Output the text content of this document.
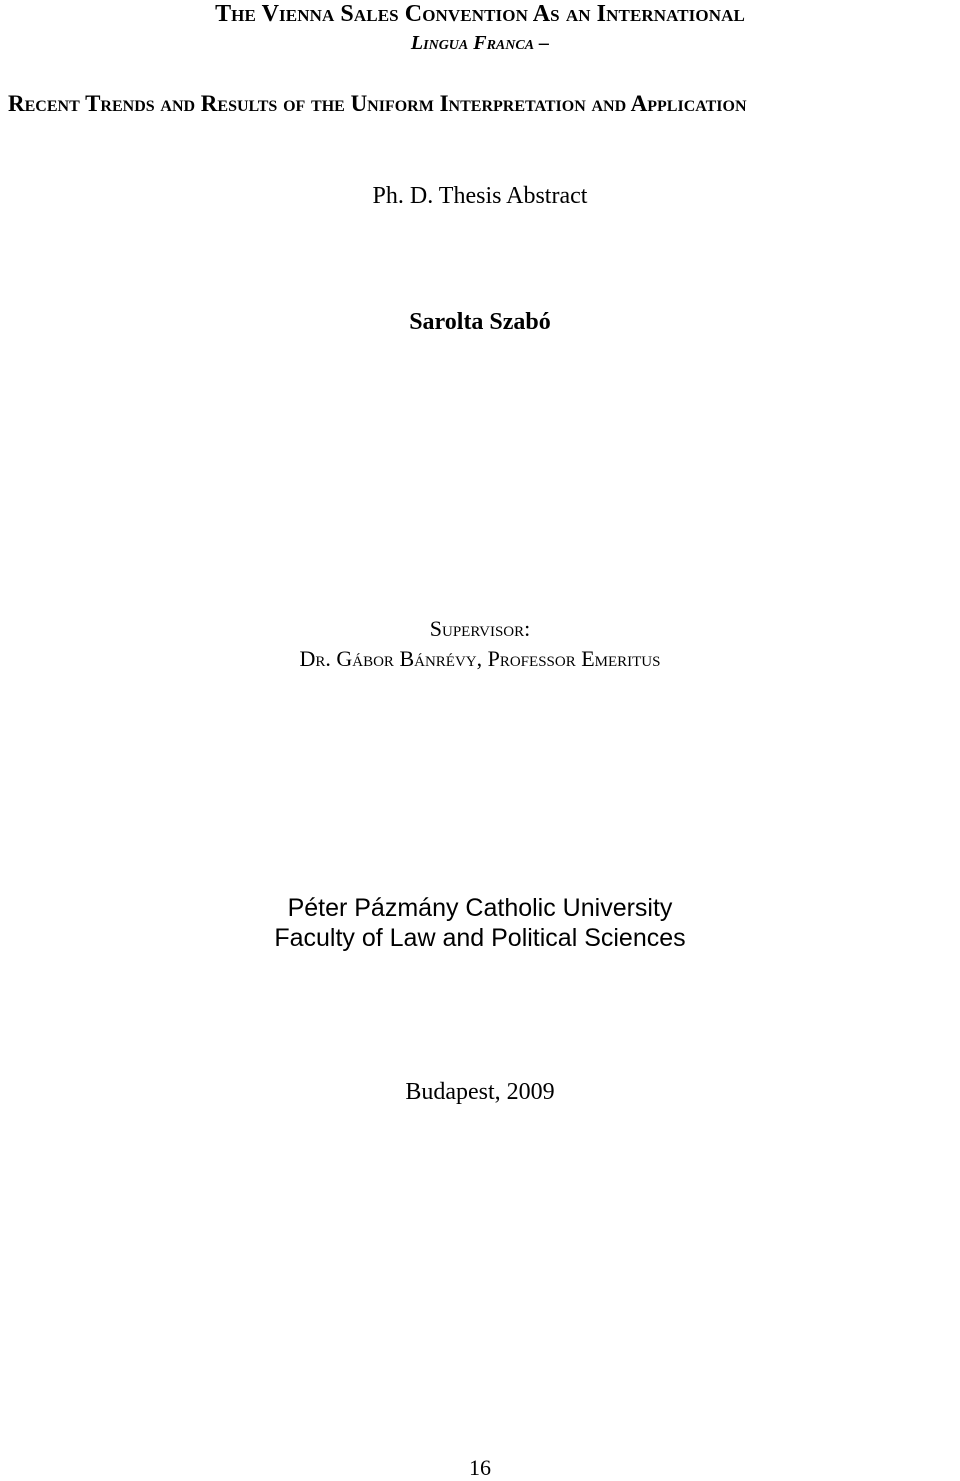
The Vienna Sales Convention As an International
Lingua Franca –
Recent Trends and Results of the Uniform Interpretation and Application
Ph. D. Thesis Abstract
Sarolta Szabó
Supervisor:
Dr. Gábor Bánrévy, Professor Emeritus
Péter Pázmány Catholic University
Faculty of Law and Political Sciences
Budapest, 2009
16
